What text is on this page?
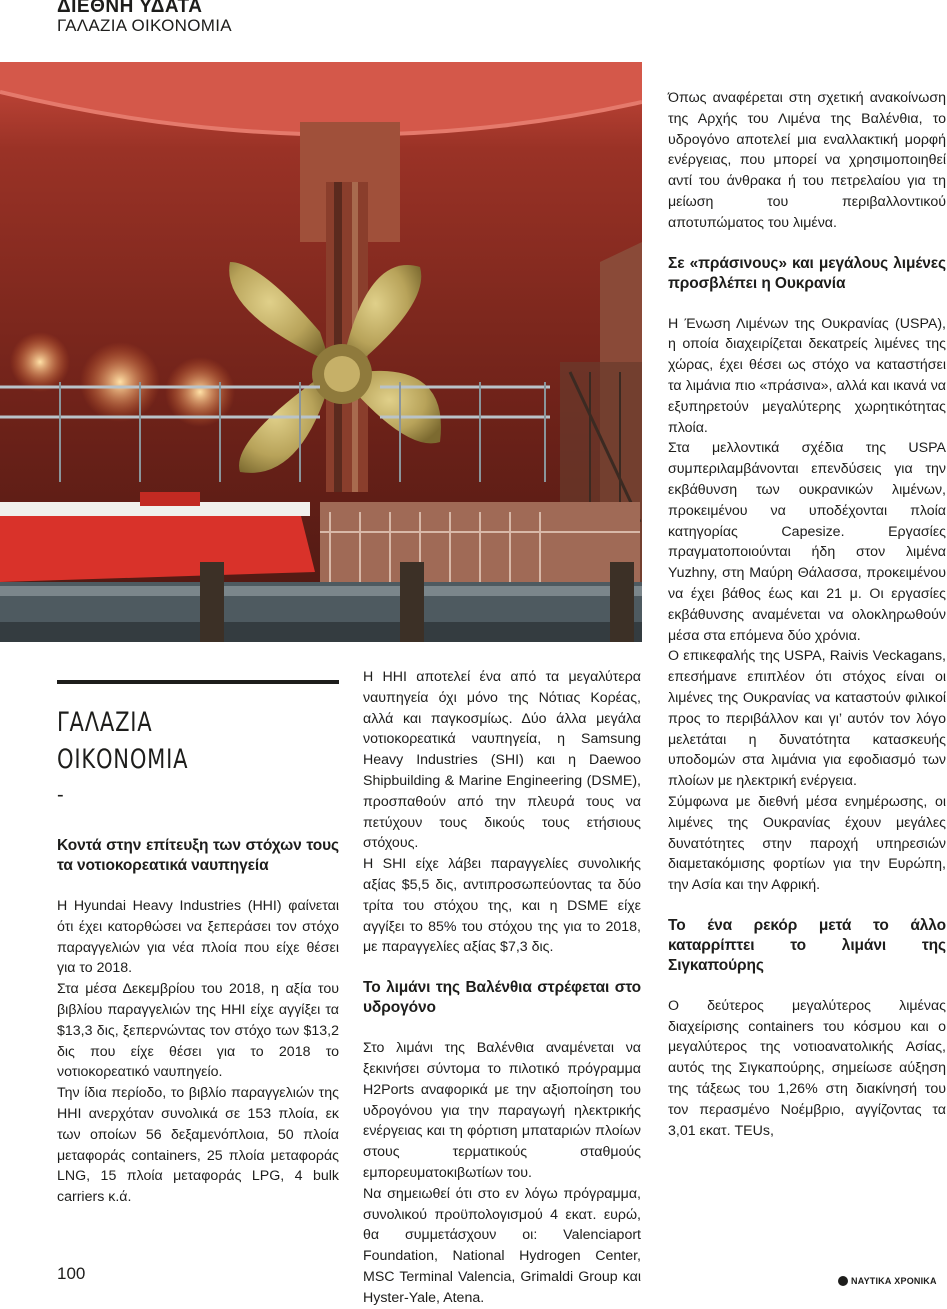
ΔΙΕΘΝΗ ΥΔΑΤΑ
ΓΑΛΑΖΙΑ ΟΙΚΟΝΟΜΙΑ
ΓΑΛΑΖΙΑ
ΟΙΚΟΝΟΜΙΑ
-
Κοντά στην επίτευξη των στόχων τους τα νοτιοκορεατικά ναυπηγεία

Η Hyundai Heavy Industries (HHI) φαίνεται ότι έχει κατορθώσει να ξεπεράσει τον στόχο παραγγελιών για νέα πλοία που είχε θέσει για το 2018.

Στα μέσα Δεκεμβρίου του 2018, η αξία του βιβλίου παραγγελιών της HHI είχε αγγίξει τα $13,3 δις, ξεπερνώντας τον στόχο των $13,2 δις που είχε θέσει για το 2018 το νοτιοκορεατικό ναυπηγείο.

Την ίδια περίοδο, το βιβλίο παραγγελιών της HHI ανερχόταν συνολικά σε 153 πλοία, εκ των οποίων 56 δεξαμενόπλοια, 50 πλοία μεταφοράς containers, 25 πλοία μεταφοράς LNG, 15 πλοία μεταφοράς LPG, 4 bulk carriers κ.ά.

Η HHI αποτελεί ένα από τα μεγαλύτερα ναυπηγεία όχι μόνο της Νότιας Κορέας, αλλά και παγκοσμίως. Δύο άλλα μεγάλα νοτιοκορεατικά ναυπηγεία, η Samsung Heavy Industries (SHI) και η Daewoo Shipbuilding & Marine Engineering (DSME), προσπαθούν από την πλευρά τους να πετύχουν τους δικούς τους ετήσιους στόχους.

Η SHI είχε λάβει παραγγελίες συνολικής αξίας $5,5 δις, αντιπροσωπεύοντας τα δύο τρίτα του στόχου της, και η DSME είχε αγγίξει το 85% του στόχου της για το 2018, με παραγγελίες αξίας $7,3 δις.

Το λιμάνι της Βαλένθια στρέφεται στο υδρογόνο

Στο λιμάνι της Βαλένθια αναμένεται να ξεκινήσει σύντομα το πιλοτικό πρόγραμμα H2Ports αναφορικά με την αξιοποίηση του υδρογόνου για την παραγωγή ηλεκτρικής ενέργειας και τη φόρτιση μπαταριών πλοίων στους τερματικούς σταθμούς εμπορευματοκιβωτίων του.

Να σημειωθεί ότι στο εν λόγω πρόγραμμα, συνολικού προϋπολογισμού 4 εκατ. ευρώ, θα συμμετάσχουν οι: Valenciaport Foundation, National Hydrogen Center, MSC Terminal Valencia, Grimaldi Group και Hyster-Yale, Atena.

Όπως αναφέρεται στη σχετική ανακοίνωση της Αρχής του Λιμένα της Βαλένθια, το υδρογόνο αποτελεί μια εναλλακτική μορφή ενέργειας, που μπορεί να χρησιμοποιηθεί αντί του άνθρακα ή του πετρελαίου για τη μείωση του περιβαλλοντικού αποτυπώματος του λιμένα.

Σε «πράσινους» και μεγάλους λιμένες προσβλέπει η Ουκρανία

Η Ένωση Λιμένων της Ουκρανίας (USPA), η οποία διαχειρίζεται δεκατρείς λιμένες της χώρας, έχει θέσει ως στόχο να καταστήσει τα λιμάνια πιο «πράσινα», αλλά και ικανά να εξυπηρετούν μεγαλύτερης χωρητικότητας πλοία.

Στα μελλοντικά σχέδια της USPA συμπεριλαμβάνονται επενδύσεις για την εκβάθυνση των ουκρανικών λιμένων, προκειμένου να υποδέχονται πλοία κατηγορίας Capesize. Εργασίες πραγματοποιούνται ήδη στον λιμένα Yuzhny, στη Μαύρη Θάλασσα, προκειμένου να έχει βάθος έως και 21 μ. Οι εργασίες εκβάθυνσης αναμένεται να ολοκληρωθούν μέσα στα επόμενα δύο χρόνια.

Ο επικεφαλής της USPA, Raivis Veckagans, επεσήμανε επιπλέον ότι στόχος είναι οι λιμένες της Ουκρανίας να καταστούν φιλικοί προς το περιβάλλον και γι’ αυτόν τον λόγο μελετάται η δυνατότητα κατασκευής υποδομών στα λιμάνια για εφοδιασμό των πλοίων με ηλεκτρική ενέργεια.

Σύμφωνα με διεθνή μέσα ενημέρωσης, οι λιμένες της Ουκρανίας έχουν μεγάλες δυνατότητες στην παροχή υπηρεσιών διαμετακόμισης φορτίων για την Ευρώπη, την Ασία και την Αφρική.

Το ένα ρεκόρ μετά το άλλο καταρρίπτει το λιμάνι της Σιγκαπούρης

Ο δεύτερος μεγαλύτερος λιμένας διαχείρισης containers του κόσμου και ο μεγαλύτερος της νοτιοανατολικής Ασίας, αυτός της Σιγκαπούρης, σημείωσε αύξηση της τάξεως του 1,26% στη διακίνησή του τον περασμένο Νοέμβριο, αγγίζοντας τα 3,01 εκατ. TEUs,

100	ΝΑΥΤΙΚΑ ΧΡΟΝΙΚΑ
